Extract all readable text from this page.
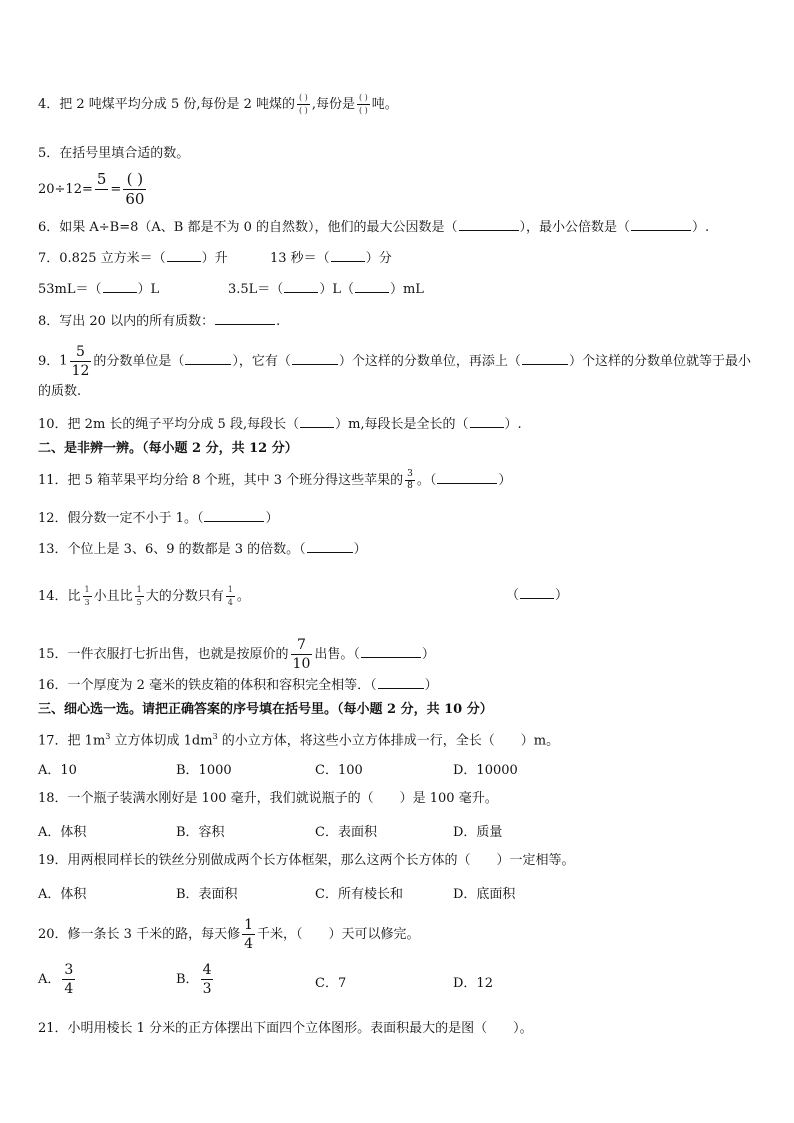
4．把 2 吨煤平均分成 5 份,每份是 2 吨煤的 $\frac{( )}{( )}$ ,每份是 $\frac{( )}{( )}$ 吨。
5．在括号里填合适的数。
20÷12=
5

= $\frac{( )}{60}$
6．如果 A÷B=8（A、B 都是不为 0 的自然数），他们的最大公因数是（	），最小公倍数是（	）.
7．0.825 立方米＝（	）升	13 秒＝（	）分
53mL＝（	）L	3.5L＝（	）L（	）mL
8．写出 20 以内的所有质数：	.
9．$1 \frac{5}{12}$ 的分数单位是（	），它有（	）个这样的分数单位，再添上（	）个这样的分数单位就等于最小
的质数.
10．把 2m 长的绳子平均分成 5 段,每段长（	）m,每段长是全长的（	）.
二、是非辨一辨。（每小题 2 分，共 12 分）
11．把 5 箱苹果平均分给 8 个班，其中 3 个班分得这些苹果的 $\frac{3}{8}$ 。（	）
12．假分数一定不小于 1。（	）
13．个位上是 3、6、9 的数都是 3 的倍数。（	）
14．比 $\frac{1}{3}$ 小且比 $\frac{1}{5}$ 大的分数只有 $\frac{1}{4}$ 。	（	）
15．一件衣服打七折出售，也就是按原价的 $\frac{7}{10}$ 出售。（	）
16．一个厚度为 2 毫米的铁皮箱的体积和容积完全相等．（	）
三、细心选一选。请把正确答案的序号填在括号里。（每小题 2 分，共 10 分）
17．把 $1m^3$ 立方体切成 $1dm^3$ 的小立方体，将这些小立方体排成一行，全长（   ）m。
A．10	B．1000	C．100	D．10000
18．一个瓶子装满水刚好是 100 毫升，我们就说瓶子的（　　）是 100 毫升。
A．体积	B．容积	C．表面积	D．质量
19．用两根同样长的铁丝分别做成两个长方体框架，那么这两个长方体的（　　）一定相等。
A．体积	B．表面积	C．所有棱长和	D．底面积
20．修一条长 3 千米的路，每天修 $\frac{1}{4}$ 千米，（　　）天可以修完。
A． $\frac{3}{4}$	B． $\frac{4}{3}$	C．7	D．12
21．小明用棱长 1 分米的正方体摆出下面四个立体图形。表面积最大的是图（　　）。
